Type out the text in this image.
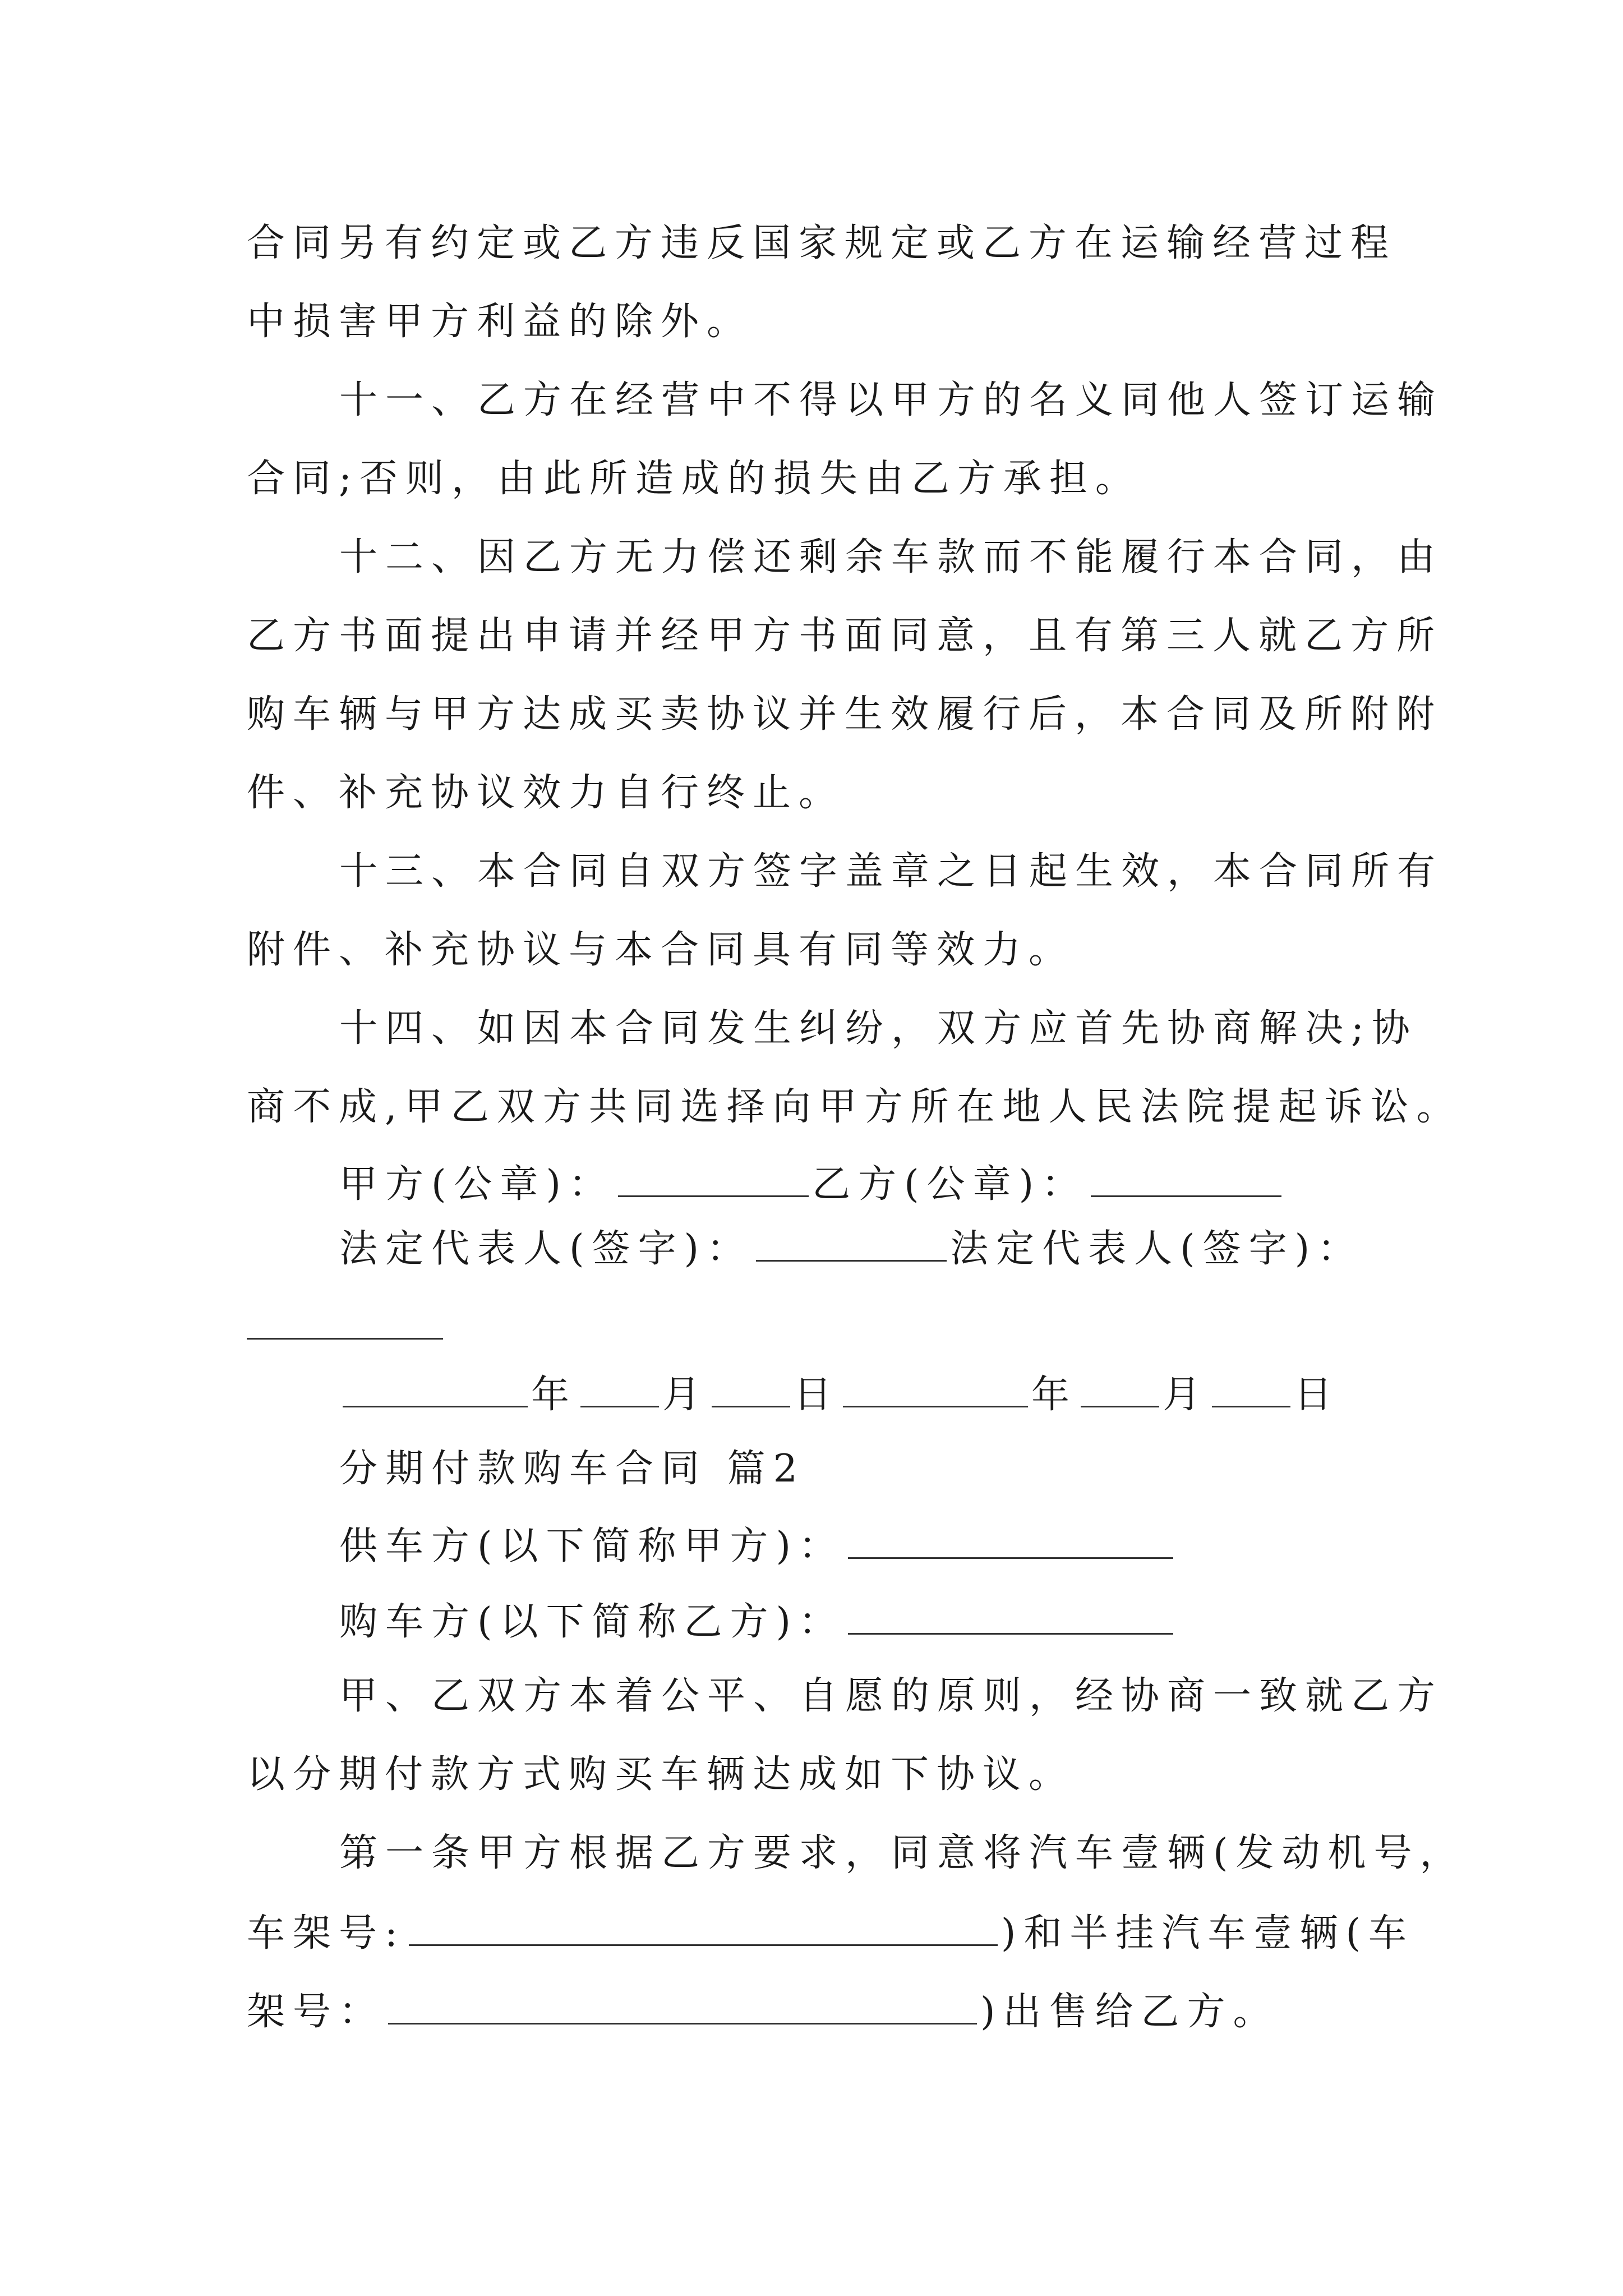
合同另有约定或乙方违反国家规定或乙方在运输经营过程
中损害甲方利益的除外。
十一、乙方在经营中不得以甲方的名义同他人签订运输
合同;否则，由此所造成的损失由乙方承担。
十二、因乙方无力偿还剩余车款而不能履行本合同，由
乙方书面提出申请并经甲方书面同意，且有第三人就乙方所
购车辆与甲方达成买卖协议并生效履行后，本合同及所附附
件、补充协议效力自行终止。
十三、本合同自双方签字盖章之日起生效，本合同所有
附件、补充协议与本合同具有同等效力。
十四、如因本合同发生纠纷，双方应首先协商解决;协
商不成,甲乙双方共同选择向甲方所在地人民法院提起诉讼。
甲方(公章)：	乙方(公章)：
法定代表人(签字)：	法定代表人(签字)：
年 月 日	年 月 日
分期付款购车合同 篇2
供车方(以下简称甲方)：
购车方(以下简称乙方)：
甲、乙双方本着公平、自愿的原则，经协商一致就乙方
以分期付款方式购买车辆达成如下协议。
第一条甲方根据乙方要求，同意将汽车壹辆(发动机号，
车架号:	)和半挂汽车壹辆(车
架号：	)出售给乙方。
